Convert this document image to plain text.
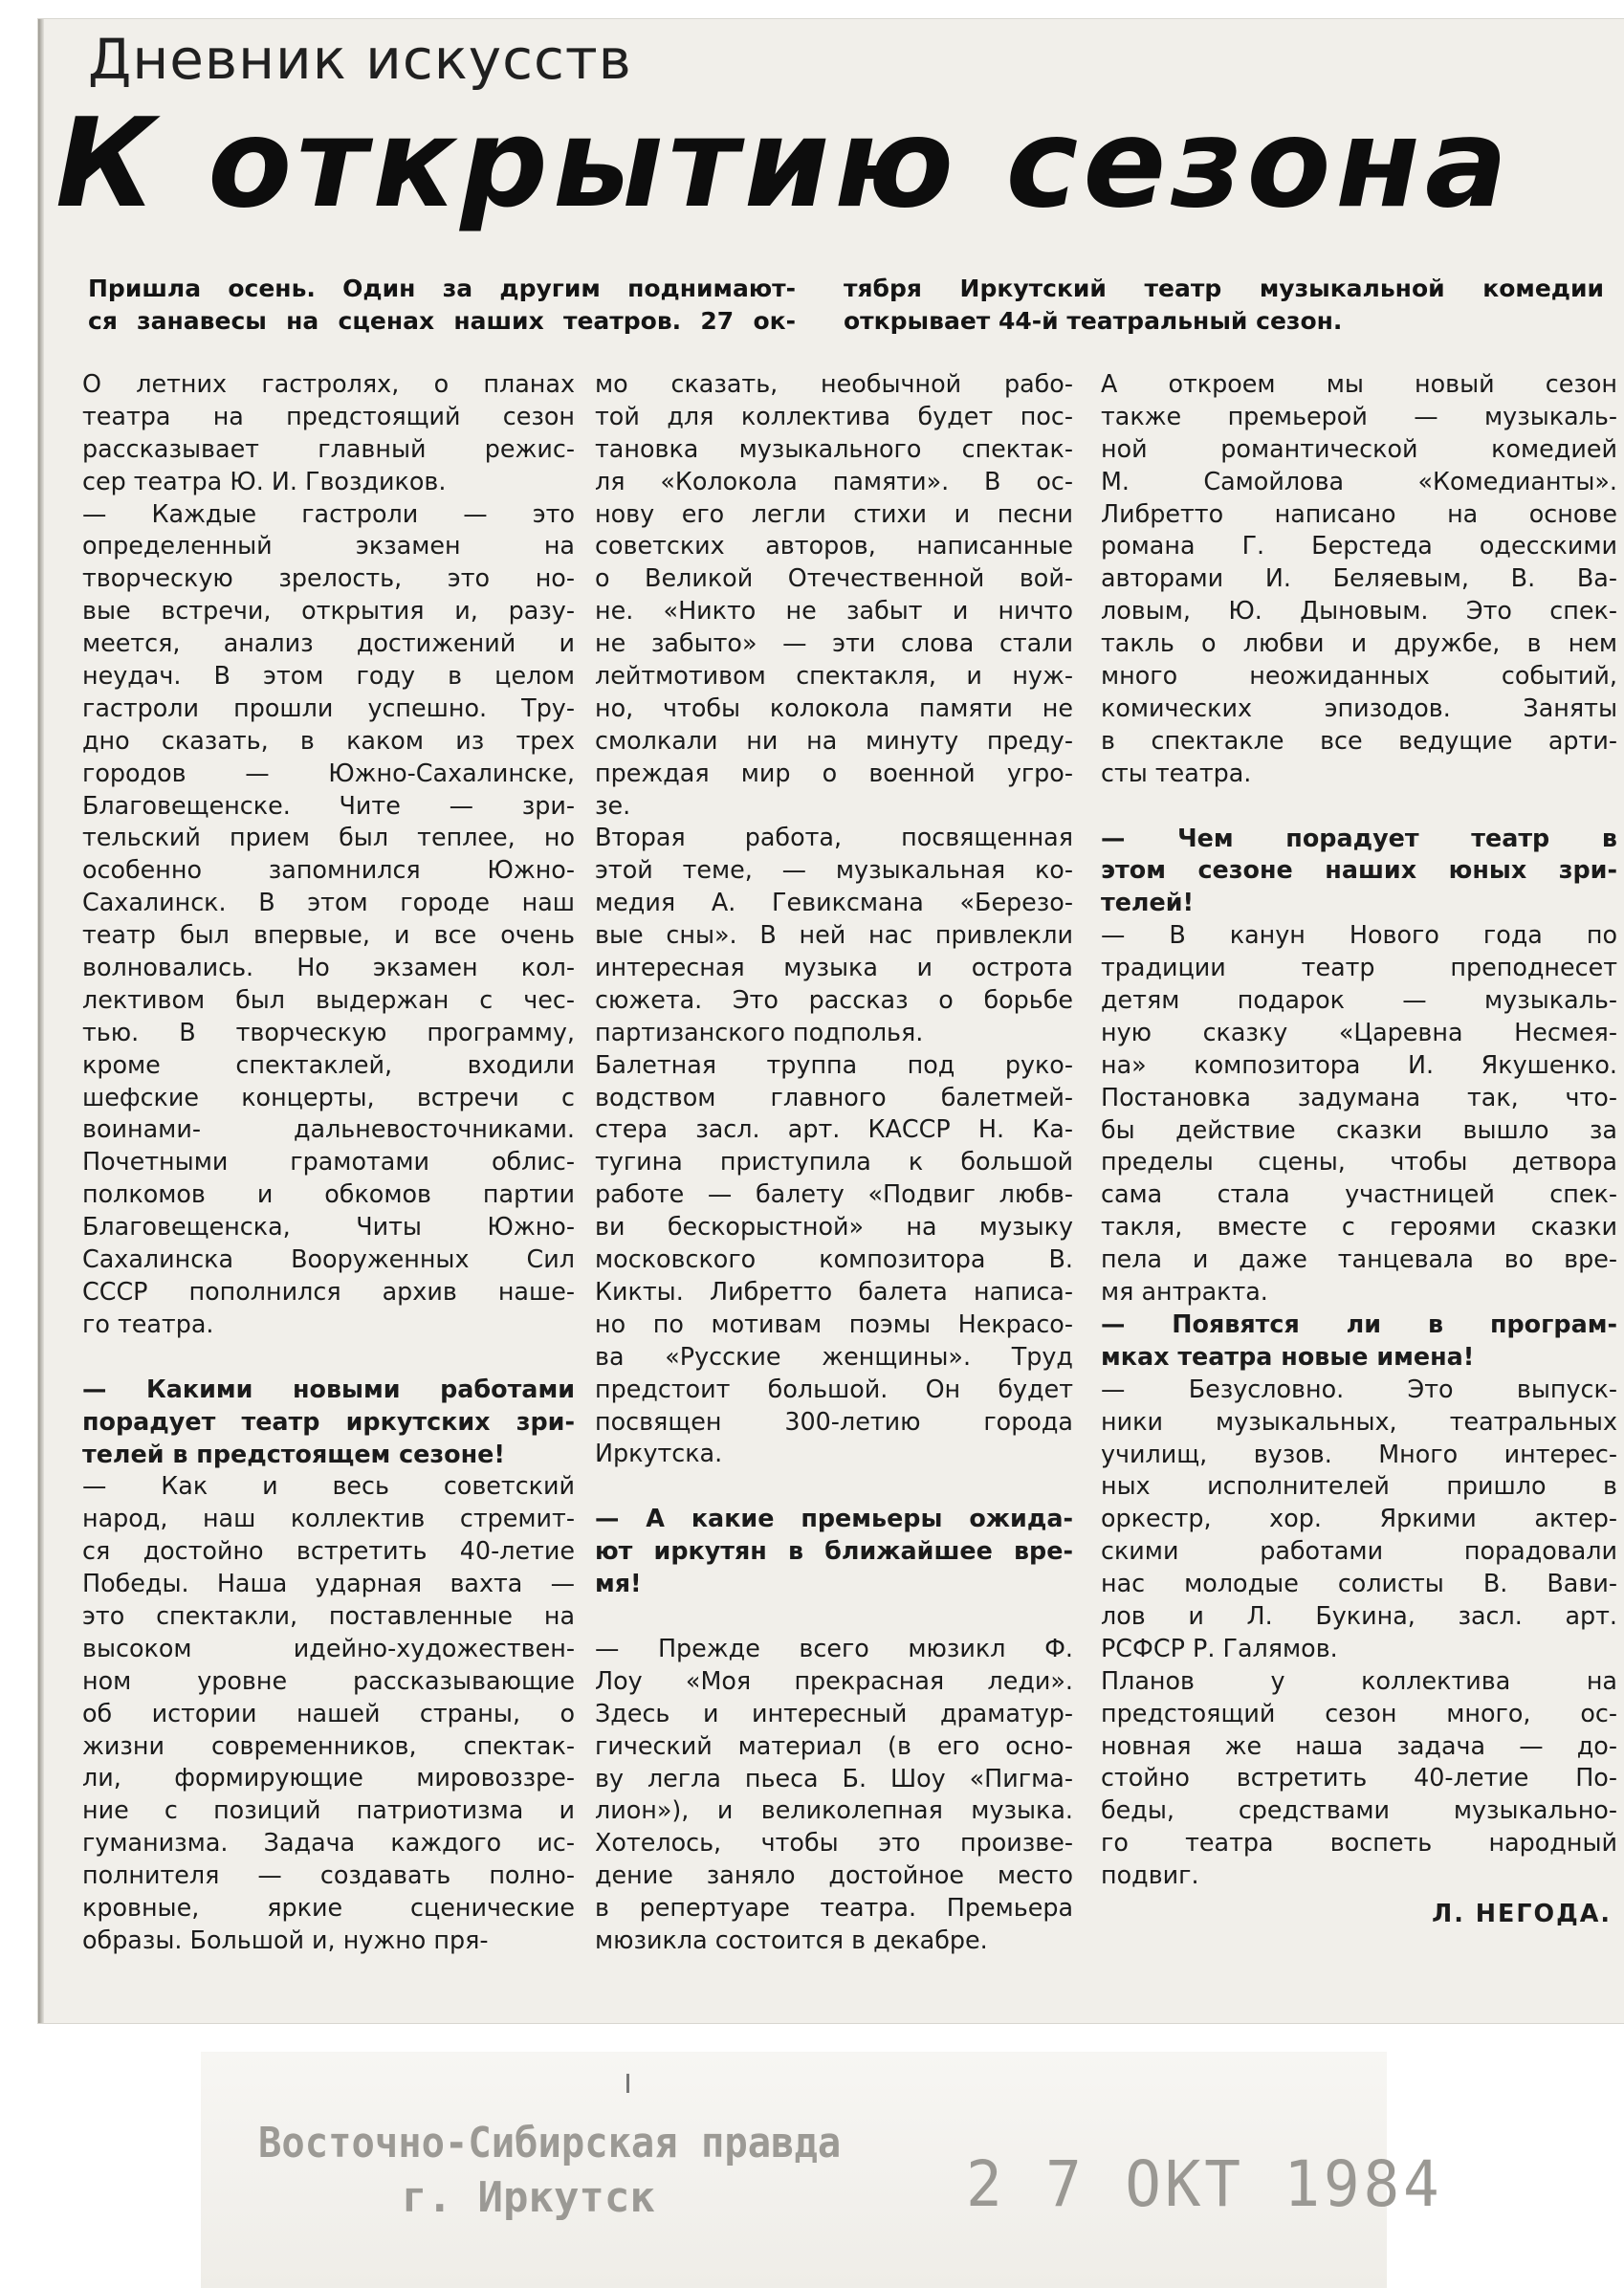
Дневник искусств
К открытию сезона
Пришла осень. Один за другим поднимают-
ся занавесы на сценах наших театров. 27 ок-
тября Иркутский театр музыкальной комедии
открывает 44-й театральный сезон.
О летних гастролях, о планах
театра на предстоящий сезон
рассказывает главный режис-
сер театра Ю. И. Гвоздиков.
— Каждые гастроли — это
определенный экзамен на
творческую зрелость, это но-
вые встречи, открытия и, разу-
меется, анализ достижений и
неудач. В этом году в целом
гастроли прошли успешно. Тру-
дно сказать, в каком из трех
городов — Южно-Сахалинске,
Благовещенске. Чите — зри-
тельский прием был теплее, но
особенно запомнился Южно-
Сахалинск. В этом городе наш
театр был впервые, и все очень
волновались. Но экзамен кол-
лективом был выдержан с чес-
тью. В творческую программу,
кроме спектаклей, входили
шефские концерты, встречи с
воинами- дальневосточниками.
Почетными грамотами облис-
полкомов и обкомов партии
Благовещенска, Читы Южно-
Сахалинска Вооруженных Сил
СССР пополнился архив наше-
го театра.
— Какими новыми работами
порадует театр иркутских зри-
телей в предстоящем сезоне!
— Как и весь советский
народ, наш коллектив стремит-
ся достойно встретить 40-летие
Победы. Наша ударная вахта —
это спектакли, поставленные на
высоком идейно-художествен-
ном уровне рассказывающие
об истории нашей страны, о
жизни современников, спектак-
ли, формирующие мировоззре-
ние с позиций патриотизма и
гуманизма. Задача каждого ис-
полнителя — создавать полно-
кровные, яркие сценические
образы. Большой и, нужно пря-
мо сказать, необычной рабо-
той для коллектива будет пос-
тановка музыкального спектак-
ля «Колокола памяти». В ос-
нову его легли стихи и песни
советских авторов, написанные
о Великой Отечественной вой-
не. «Никто не забыт и ничто
не забыто» — эти слова стали
лейтмотивом спектакля, и нуж-
но, чтобы колокола памяти не
смолкали ни на минуту преду-
преждая мир о военной угро-
зе.
Вторая работа, посвященная
этой теме, — музыкальная ко-
медия А. Гевиксмана «Березо-
вые сны». В ней нас привлекли
интересная музыка и острота
сюжета. Это рассказ о борьбе
партизанского подполья.
Балетная труппа под руко-
водством главного балетмей-
стера засл. арт. КАССР Н. Ка-
тугина приступила к большой
работе — балету «Подвиг любв-
ви бескорыстной» на музыку
московского композитора В.
Кикты. Либретто балета написа-
но по мотивам поэмы Некрасо-
ва «Русские женщины». Труд
предстоит большой. Он будет
посвящен 300-летию города
Иркутска.
— А какие премьеры ожида-
ют иркутян в ближайшее вре-
мя!
— Прежде всего мюзикл Ф.
Лоу «Моя прекрасная леди».
Здесь и интересный драматур-
гический материал (в его осно-
ву легла пьеса Б. Шоу «Пигма-
лион»), и великолепная музыка.
Хотелось, чтобы это произве-
дение заняло достойное место
в репертуаре театра. Премьера
мюзикла состоится в декабре.
А откроем мы новый сезон
также премьерой — музыкаль-
ной романтической комедией
М. Самойлова «Комедианты».
Либретто написано на основе
романа Г. Берстеда одесскими
авторами И. Беляевым, В. Ва-
ловым, Ю. Дыновым. Это спек-
такль о любви и дружбе, в нем
много неожиданных событий,
комических эпизодов. Заняты
в спектакле все ведущие арти-
сты театра.
— Чем порадует театр в
этом сезоне наших юных зри-
телей!
— В канун Нового года по
традиции театр преподнесет
детям подарок — музыкаль-
ную сказку «Царевна Несмея-
на» композитора И. Якушенко.
Постановка задумана так, что-
бы действие сказки вышло за
пределы сцены, чтобы детвора
сама стала участницей спек-
такля, вместе с героями сказки
пела и даже танцевала во вре-
мя антракта.
— Появятся ли в програм-
мках театра новые имена!
— Безусловно. Это выпуск-
ники музыкальных, театральных
училищ, вузов. Много интерес-
ных исполнителей пришло в
оркестр, хор. Яркими актер-
скими работами порадовали
нас молодые солисты В. Вави-
лов и Л. Букина, засл. арт.
РСФСР Р. Галямов.
Планов у коллектива на
предстоящий сезон много, ос-
новная же наша задача — до-
стойно встретить 40-летие По-
беды, средствами музыкально-
го театра воспеть народный
подвиг.
Л. НЕГОДА.
Восточно-Сибирская правда
г. Иркутск	2 7 ОКТ 1984
